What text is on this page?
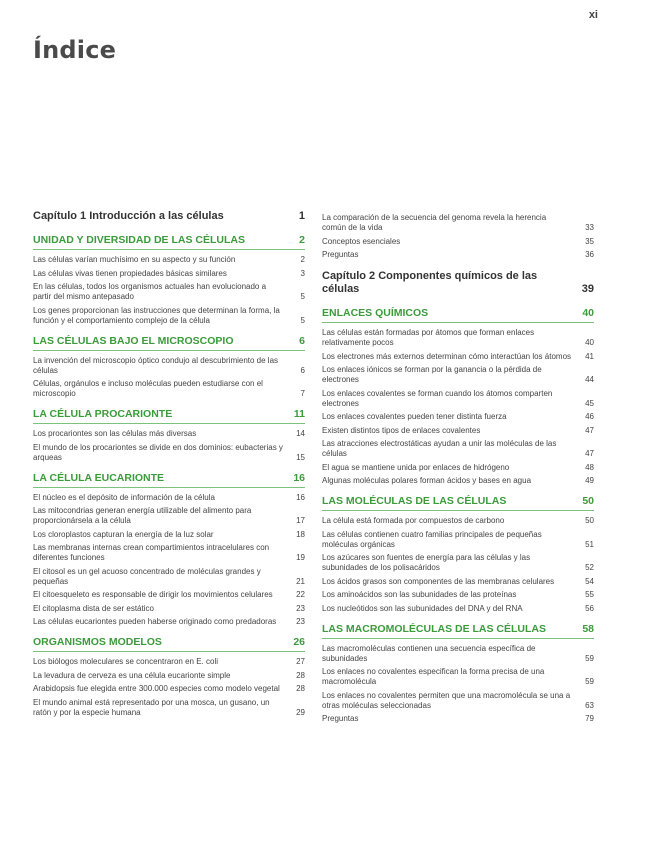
xi
Índice
Capítulo 1 Introducción a las células	1
UNIDAD Y DIVERSIDAD DE LAS CÉLULAS	2
Las células varían muchísimo en su aspecto y su función	2
Las células vivas tienen propiedades básicas similares	3
En las células, todos los organismos actuales han evolucionado a partir del mismo antepasado	5
Los genes proporcionan las instrucciones que determinan la forma, la función y el comportamiento complejo de la célula	5
LAS CÉLULAS BAJO EL MICROSCOPIO	6
La invención del microscopio óptico condujo al descubrimiento de las células	6
Células, orgánulos e incluso moléculas pueden estudiarse con el microscopio	7
LA CÉLULA PROCARIONTE	11
Los procariontes son las células más diversas	14
El mundo de los procariontes se divide en dos dominios: eubacterias y arqueas	15
LA CÉLULA EUCARIONTE	16
El núcleo es el depósito de información de la célula	16
Las mitocondrias generan energía utilizable del alimento para proporcionársela a la célula	17
Los cloroplastos capturan la energía de la luz solar	18
Las membranas internas crean compartimientos intracelulares con diferentes funciones	19
El citosol es un gel acuoso concentrado de moléculas grandes y pequeñas	21
El citoesqueleto es responsable de dirigir los movimientos celulares	22
El citoplasma dista de ser estático	23
Las células eucariontes pueden haberse originado como predadoras	23
ORGANISMOS MODELOS	26
Los biólogos moleculares se concentraron en E. coli	27
La levadura de cerveza es una célula eucarionte simple	28
Arabidopsis fue elegida entre 300.000 especies como modelo vegetal	28
El mundo animal está representado por una mosca, un gusano, un ratón y por la especie humana	29
La comparación de la secuencia del genoma revela la herencia común de la vida	33
Conceptos esenciales	35
Preguntas	36
Capítulo 2 Componentes químicos de las células	39
ENLACES QUÍMICOS	40
Las células están formadas por átomos que forman enlaces relativamente pocos	40
Los electrones más externos determinan cómo interactúan los átomos	41
Los enlaces iónicos se forman por la ganancia o la pérdida de electrones	44
Los enlaces covalentes se forman cuando los átomos comparten electrones	45
Los enlaces covalentes pueden tener distinta fuerza	46
Existen distintos tipos de enlaces covalentes	47
Las atracciones electrostáticas ayudan a unir las moléculas de las células	47
El agua se mantiene unida por enlaces de hidrógeno	48
Algunas moléculas polares forman ácidos y bases en agua	49
LAS MOLÉCULAS DE LAS CÉLULAS	50
La célula está formada por compuestos de carbono	50
Las células contienen cuatro familias principales de pequeñas moléculas orgánicas	51
Los azúcares son fuentes de energía para las células y las subunidades de los polisacáridos	52
Los ácidos grasos son componentes de las membranas celulares	54
Los aminoácidos son las subunidades de las proteínas	55
Los nucleótidos son las subunidades del DNA y del RNA	56
LAS MACROMOLÉCULAS DE LAS CÉLULAS	58
Las macromoléculas contienen una secuencia específica de subunidades	59
Los enlaces no covalentes especifican la forma precisa de una macromolécula	59
Los enlaces no covalentes permiten que una macromolécula se una a otras moléculas seleccionadas	63
Preguntas	79
